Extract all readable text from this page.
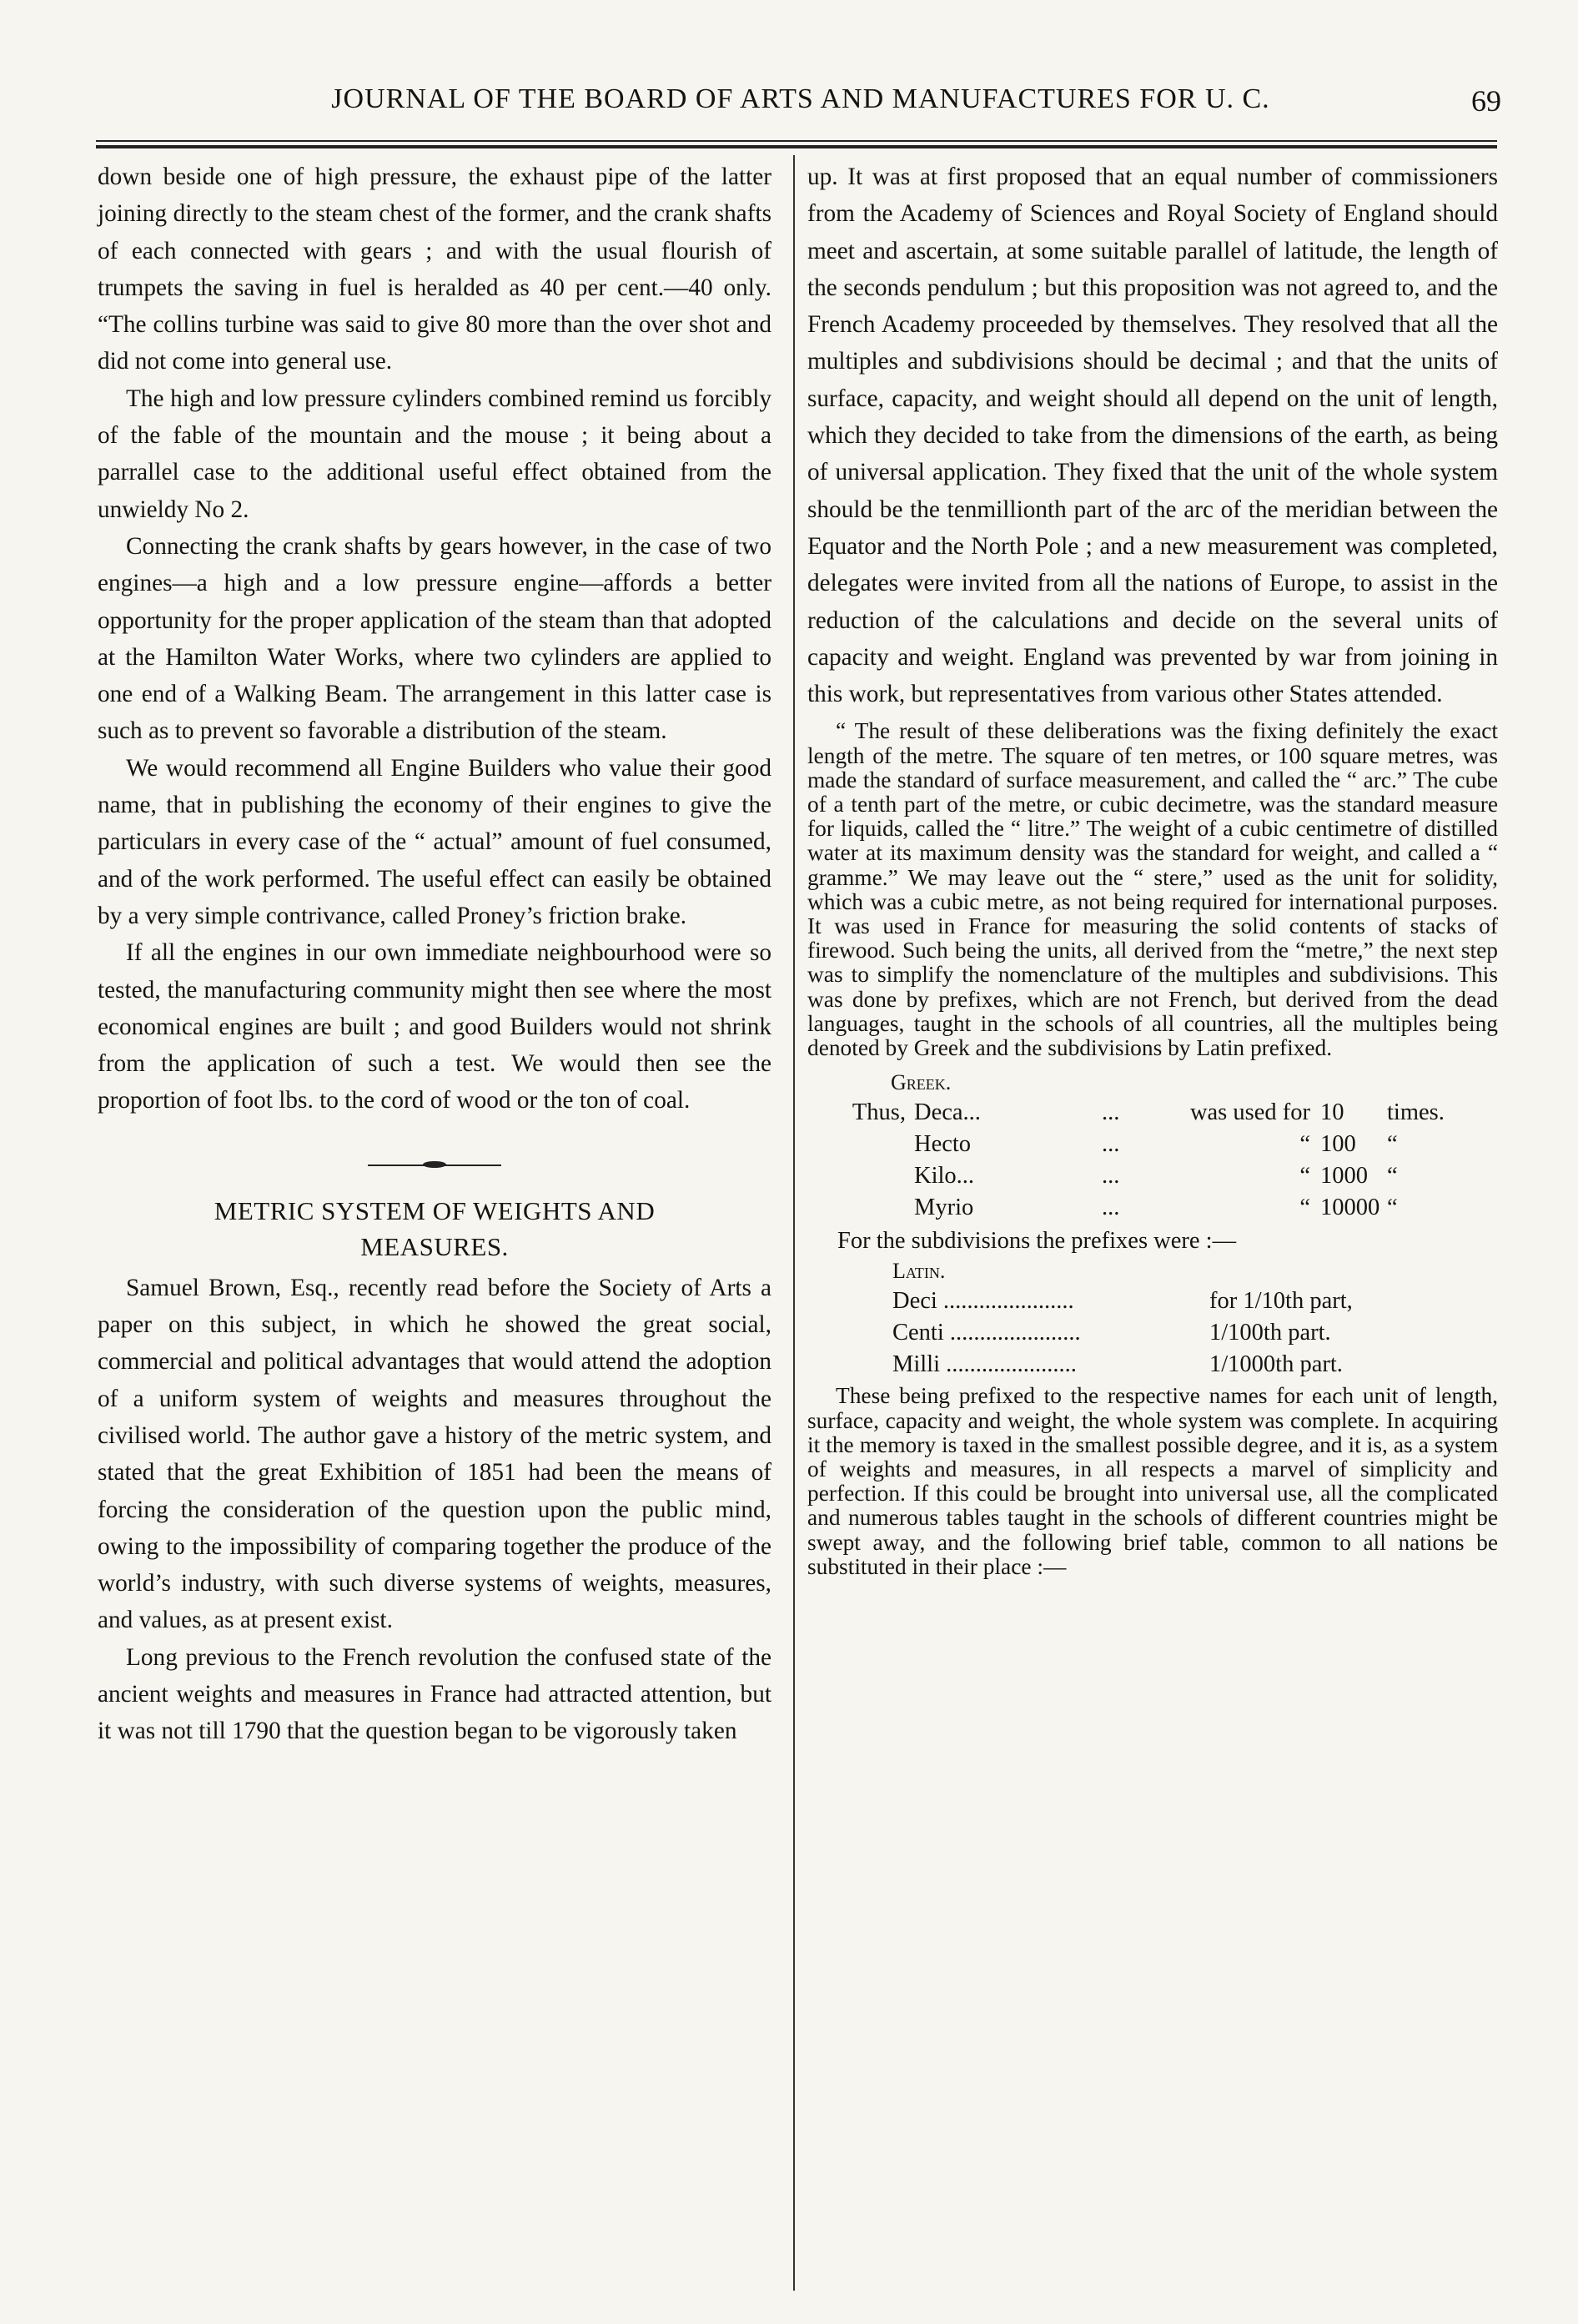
JOURNAL OF THE BOARD OF ARTS AND MANUFACTURES FOR U. C.	69

down beside one of high pressure, the exhaust pipe of the latter joining directly to the steam chest of the former, and the crank shafts of each connected with gears ; and with the usual flourish of trumpets the saving in fuel is heralded as 40 per cent.—40 only. “The collins turbine was said to give 80 more than the over shot and did not come into general use.

The high and low pressure cylinders combined remind us forcibly of the fable of the mountain and the mouse ; it being about a parrallel case to the additional useful effect obtained from the unwieldy No 2.

Connecting the crank shafts by gears however, in the case of two engines—a high and a low pressure engine—affords a better opportunity for the proper application of the steam than that adopted at the Hamilton Water Works, where two cylinders are applied to one end of a Walking Beam. The arrangement in this latter case is such as to prevent so favorable a distribution of the steam.

We would recommend all Engine Builders who value their good name, that in publishing the economy of their engines to give the particulars in every case of the “ actual” amount of fuel consumed, and of the work performed. The useful effect can easily be obtained by a very simple contrivance, called Proney’s friction brake.

If all the engines in our own immediate neighbourhood were so tested, the manufacturing community might then see where the most economical engines are built ; and good Builders would not shrink from the application of such a test. We would then see the proportion of foot lbs. to the cord of wood or the ton of coal.

METRIC SYSTEM OF WEIGHTS AND
MEASURES.

Samuel Brown, Esq., recently read before the Society of Arts a paper on this subject, in which he showed the great social, commercial and political advantages that would attend the adoption of a uniform system of weights and measures throughout the civilised world. The author gave a history of the metric system, and stated that the great Exhibition of 1851 had been the means of forcing the consideration of the question upon the public mind, owing to the impossibility of comparing together the produce of the world’s industry, with such diverse systems of weights, measures, and values, as at present exist.

Long previous to the French revolution the confused state of the ancient weights and measures in France had attracted attention, but it was not till 1790 that the question began to be vigorously taken

up. It was at first proposed that an equal number of commissioners from the Academy of Sciences and Royal Society of England should meet and ascertain, at some suitable parallel of latitude, the length of the seconds pendulum ; but this proposition was not agreed to, and the French Academy proceeded by themselves. They resolved that all the multiples and subdivisions should be decimal ; and that the units of surface, capacity, and weight should all depend on the unit of length, which they decided to take from the dimensions of the earth, as being of universal application. They fixed that the unit of the whole system should be the tenmillionth part of the arc of the meridian between the Equator and the North Pole ; and a new measurement was completed, delegates were invited from all the nations of Europe, to assist in the reduction of the calculations and decide on the several units of capacity and weight. England was prevented by war from joining in this work, but representatives from various other States attended.

“ The result of these deliberations was the fixing definitely the exact length of the metre. The square of ten metres, or 100 square metres, was made the standard of surface measurement, and called the “ arc.” The cube of a tenth part of the metre, or cubic decimetre, was the standard measure for liquids, called the “ litre.” The weight of a cubic centimetre of distilled water at its maximum density was the standard for weight, and called a “ gramme.” We may leave out the “ stere,” used as the unit for solidity, which was a cubic metre, as not being required for international purposes. It was used in France for measuring the solid contents of stacks of firewood. Such being the units, all derived from the “metre,” the next step was to simplify the nomenclature of the multiples and subdivisions. This was done by prefixes, which are not French, but derived from the dead languages, taught in the schools of all countries, all the multiples being denoted by Greek and the subdivisions by Latin prefixed.

Greek.
Thus, Deca...	...	was used for 10	times.
Hecto	...	“ 100	“
Kilo...	...	“ 1000 “
Myrio	...	“ 10000 “
For the subdivisions the prefixes were :—
Latin.
Deci ......................	for 1/10th part,
Centi ......................	1/100th part.
Milli ......................	1/1000th part.

These being prefixed to the respective names for each unit of length, surface, capacity and weight, the whole system was complete. In acquiring it the memory is taxed in the smallest possible degree, and it is, as a system of weights and measures, in all respects a marvel of simplicity and perfection. If this could be brought into universal use, all the complicated and numerous tables taught in the schools of different countries might be swept away, and the following brief table, common to all nations be substituted in their place :—
